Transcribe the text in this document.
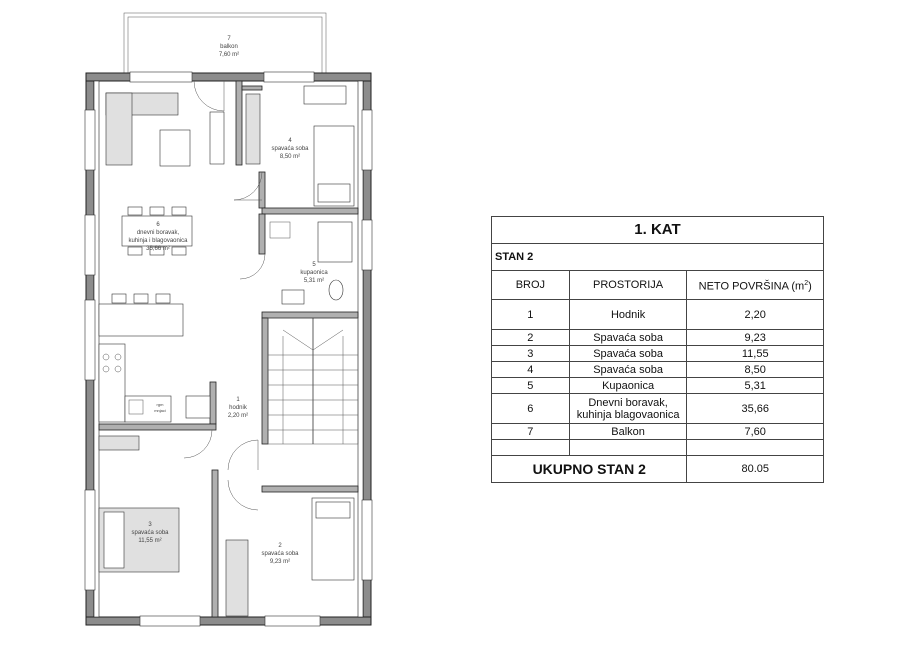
7
balkon
7,60 m²
4
spavaća soba
8,50 m²
6
dnevni boravak,
kuhinja i blagovaonica
35,66 m²
5
kupaonica
5,31 m²
1
hodnik
2,20 m²
3
spavaća soba
11,55 m²
2
spavaća soba
9,23 m²
rgm
mnjaci
1. KAT		
STAN 2		
BROJ	PROSTORIJA	NETO POVRŠINA $(m^2)$
1	Hodnik	2,20
2	Spavaća soba	9,23
3	Spavaća soba	11,55
4	Spavaća soba	8,50
5	Kupaonica	5,31
6	Dnevni boravak, kuhinja blagovaonica	35,66
7	Balkon	7,60

UKUPNO STAN 2		80.05
